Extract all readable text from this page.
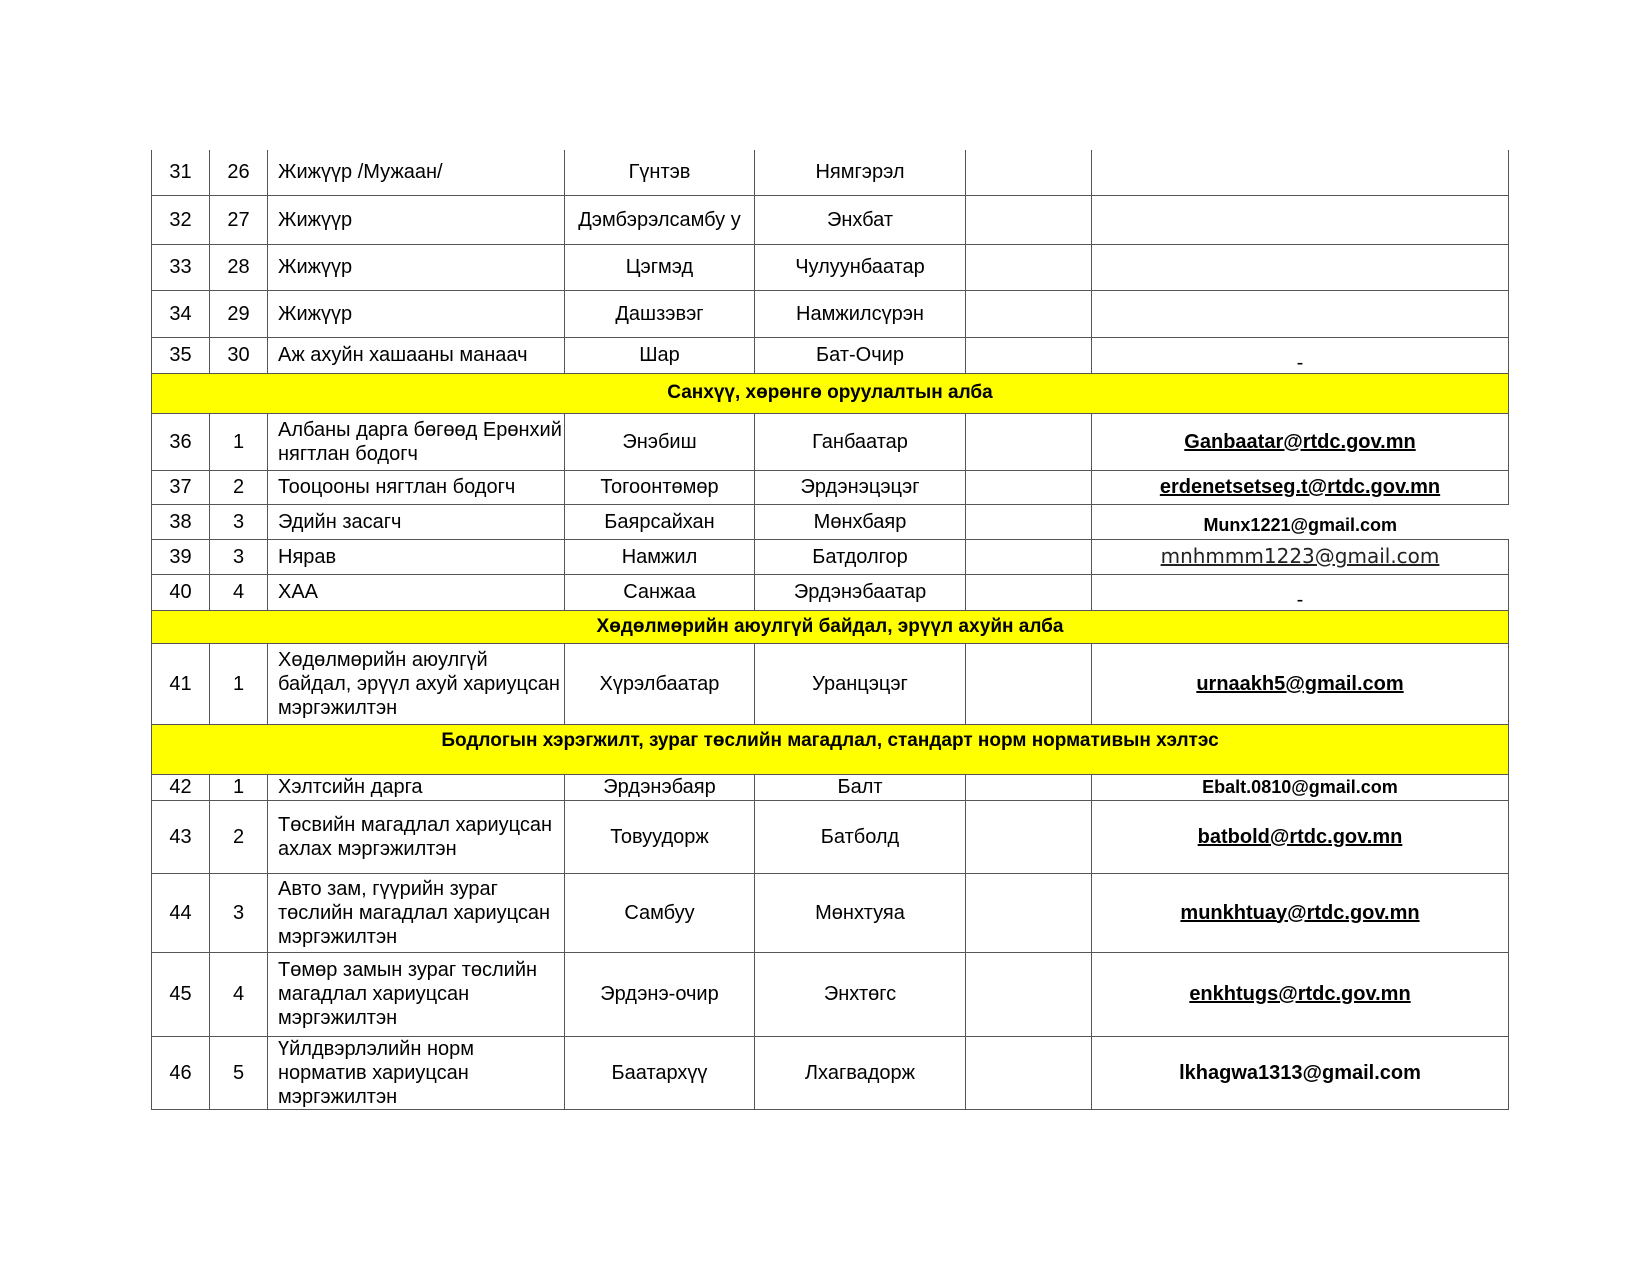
31	26	Жижүүр /Мужаан/	Гүнтэв	Нямгэрэл		
32	27	Жижүүр	Дэмбэрэлсамбу у	Энхбат		
33	28	Жижүүр	Цэгмэд	Чулуунбаатар		
34	29	Жижүүр	Дашзэвэг	Намжилсүрэн		
35	30	Аж ахуйн хашааны манаач	Шар	Бат-Очир		-
Санхүү, хөрөнгө оруулалтын алба						
36	1	Албаны дарга бөгөөд Ерөнхий нягтлан бодогч	Энэбиш	Ганбаатар		Ganbaatar@rtdc.gov.mn
37	2	Тооцооны нягтлан бодогч	Тогоонтөмөр	Эрдэнэцэцэг		erdenetsetseg.t@rtdc.gov.mn
38	3	Эдийн засагч	Баярсайхан	Мөнхбаяр		Munx1221@gmail.com
39	3	Нярав	Намжил	Батдолгор		mnhmmm1223@gmail.com
40	4	ХАА	Санжаа	Эрдэнэбаатар		-
Хөдөлмөрийн аюулгүй байдал, эрүүл ахуйн алба						
41	1	Хөдөлмөрийн аюулгүй байдал, эрүүл ахуй хариуцсан мэргэжилтэн	Хүрэлбаатар	Уранцэцэг		urnaakh5@gmail.com
Бодлогын хэрэгжилт, зураг төслийн магадлал, стандарт норм нормативын хэлтэс						
42	1	Хэлтсийн дарга	Эрдэнэбаяр	Балт		Ebalt.0810@gmail.com
43	2	Төсвийн магадлал хариуцсан ахлах мэргэжилтэн	Товуудорж	Батболд		batbold@rtdc.gov.mn
44	3	Авто зам, гүүрийн зураг төслийн магадлал хариуцсан мэргэжилтэн	Самбуу	Мөнхтуяа		munkhtuay@rtdc.gov.mn
45	4	Төмөр замын зураг төслийн магадлал хариуцсан мэргэжилтэн	Эрдэнэ-очир	Энхтөгс		enkhtugs@rtdc.gov.mn
46	5	Үйлдвэрлэлийн норм норматив хариуцсан мэргэжилтэн	Баатархүү	Лхагвадорж		lkhagwa1313@gmail.com
